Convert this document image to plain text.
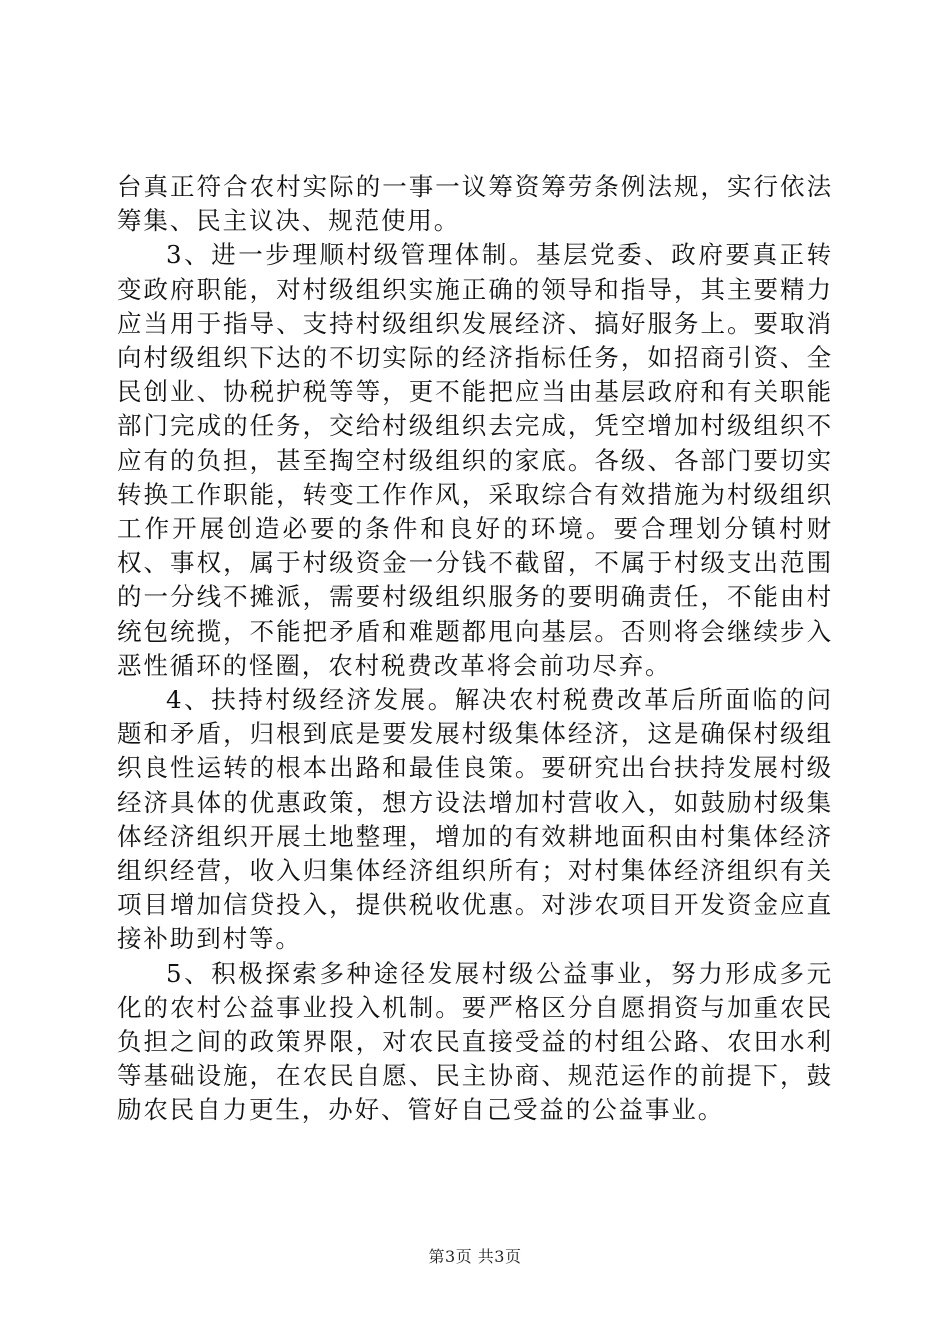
台真正符合农村实际的一事一议筹资筹劳条例法规，实行依法筹集、民主议决、规范使用。

3、进一步理顺村级管理体制。基层党委、政府要真正转变政府职能，对村级组织实施正确的领导和指导，其主要精力应当用于指导、支持村级组织发展经济、搞好服务上。要取消向村级组织下达的不切实际的经济指标任务，如招商引资、全民创业、协税护税等等，更不能把应当由基层政府和有关职能部门完成的任务，交给村级组织去完成，凭空增加村级组织不应有的负担，甚至掏空村级组织的家底。各级、各部门要切实转换工作职能，转变工作作风，采取综合有效措施为村级组织工作开展创造必要的条件和良好的环境。要合理划分镇村财权、事权，属于村级资金一分钱不截留，不属于村级支出范围的一分线不摊派，需要村级组织服务的要明确责任，不能由村统包统揽，不能把矛盾和难题都甩向基层。否则将会继续步入恶性循环的怪圈，农村税费改革将会前功尽弃。

4、扶持村级经济发展。解决农村税费改革后所面临的问题和矛盾，归根到底是要发展村级集体经济，这是确保村级组织良性运转的根本出路和最佳良策。要研究出台扶持发展村级经济具体的优惠政策，想方设法增加村营收入，如鼓励村级集体经济组织开展土地整理，增加的有效耕地面积由村集体经济组织经营，收入归集体经济组织所有；对村集体经济组织有关项目增加信贷投入，提供税收优惠。对涉农项目开发资金应直接补助到村等。

5、积极探索多种途径发展村级公益事业，努力形成多元化的农村公益事业投入机制。要严格区分自愿捐资与加重农民负担之间的政策界限，对农民直接受益的村组公路、农田水利等基础设施，在农民自愿、民主协商、规范运作的前提下，鼓励农民自力更生，办好、管好自己受益的公益事业。

第3页 共3页
